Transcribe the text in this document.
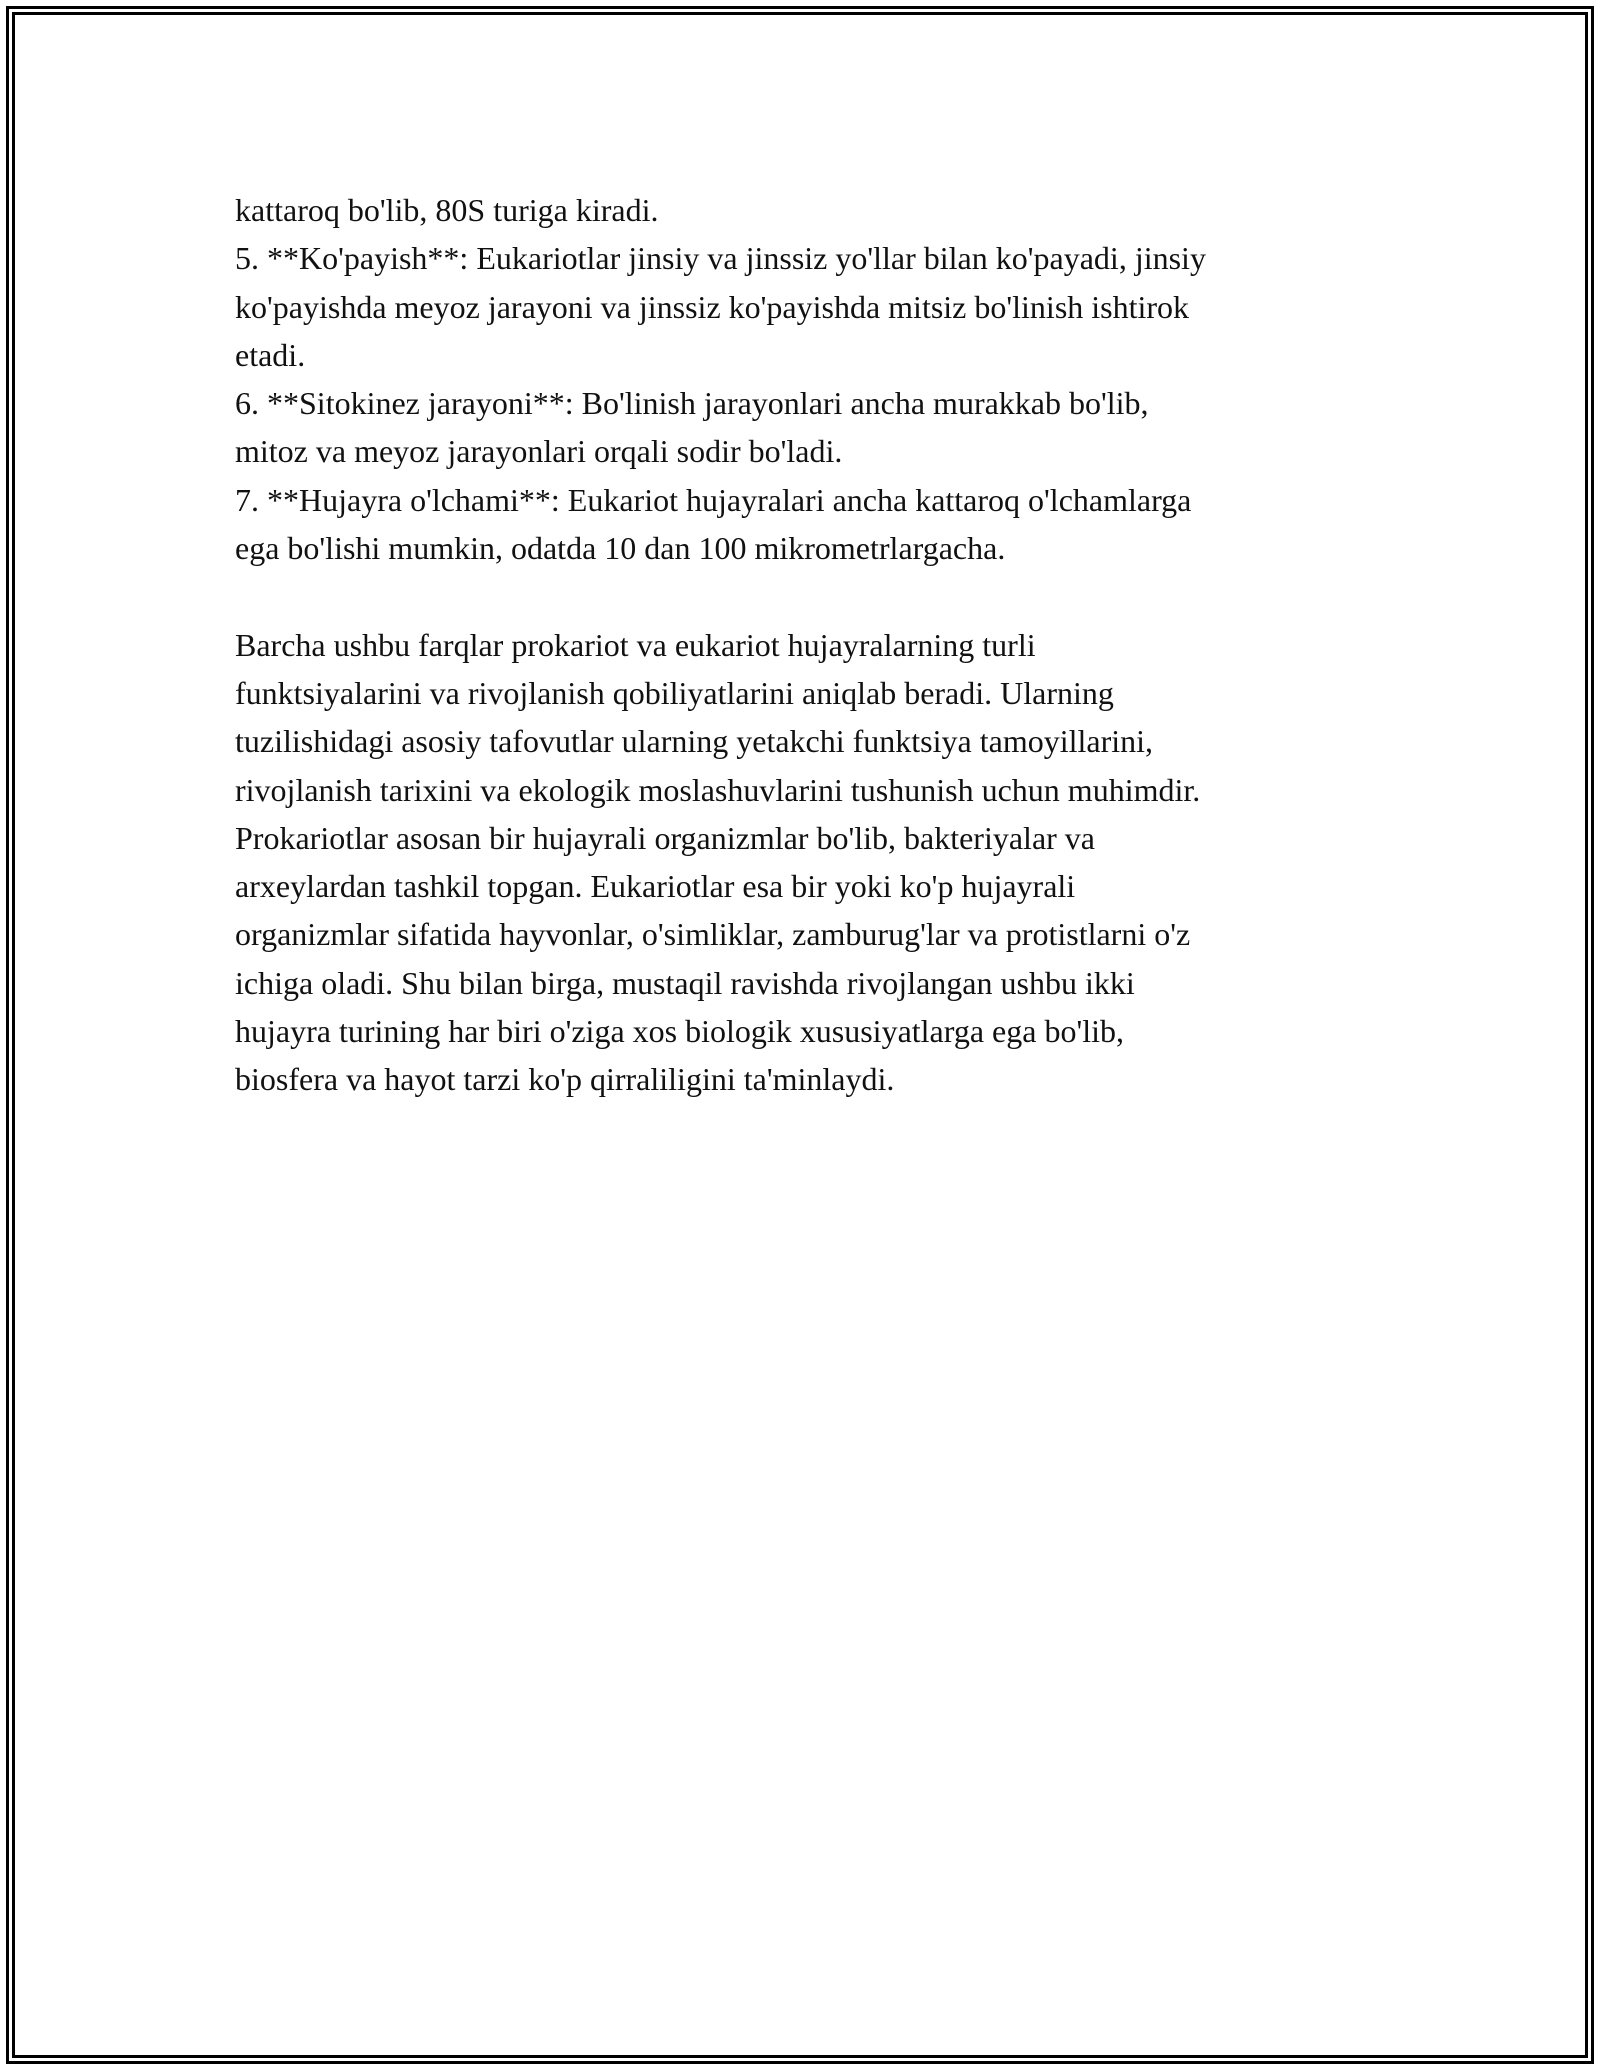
kattaroq bo'lib, 80S turiga kiradi.
5. **Ko'payish**: Eukariotlar jinsiy va jinssiz yo'llar bilan ko'payadi, jinsiy
ko'payishda meyoz jarayoni va jinssiz ko'payishda mitsiz bo'linish ishtirok
etadi.
6. **Sitokinez jarayoni**: Bo'linish jarayonlari ancha murakkab bo'lib,
mitoz va meyoz jarayonlari orqali sodir bo'ladi.
7. **Hujayra o'lchami**: Eukariot hujayralari ancha kattaroq o'lchamlarga
ega bo'lishi mumkin, odatda 10 dan 100 mikrometrlargacha.
Barcha ushbu farqlar prokariot va eukariot hujayralarning turli
funktsiyalarini va rivojlanish qobiliyatlarini aniqlab beradi. Ularning
tuzilishidagi asosiy tafovutlar ularning yetakchi funktsiya tamoyillarini,
rivojlanish tarixini va ekologik moslashuvlarini tushunish uchun muhimdir.
Prokariotlar asosan bir hujayrali organizmlar bo'lib, bakteriyalar va
arxeylardan tashkil topgan. Eukariotlar esa bir yoki ko'p hujayrali
organizmlar sifatida hayvonlar, o'simliklar, zamburug'lar va protistlarni o'z
ichiga oladi. Shu bilan birga, mustaqil ravishda rivojlangan ushbu ikki
hujayra turining har biri o'ziga xos biologik xususiyatlarga ega bo'lib,
biosfera va hayot tarzi ko'p qirraliligini ta'minlaydi.
